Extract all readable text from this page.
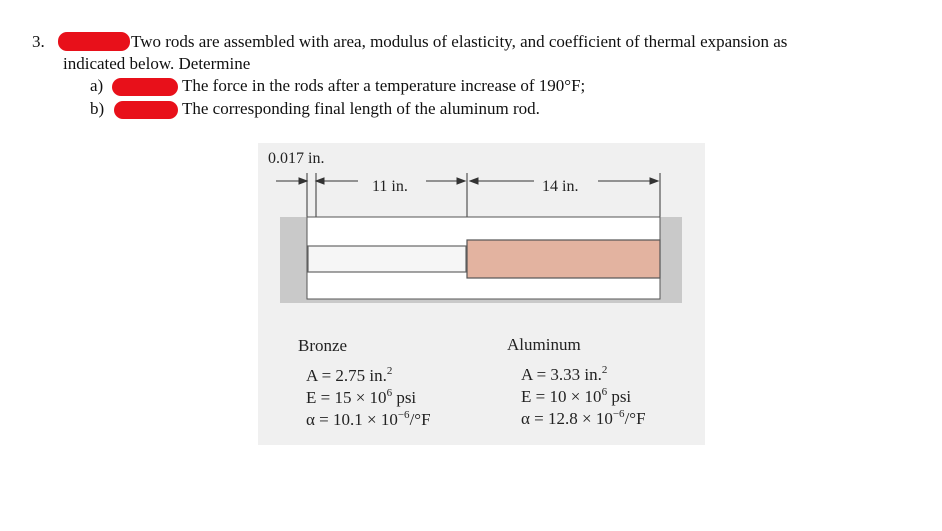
3.	Two rods are assembled with area, modulus of elasticity, and coefficient of thermal expansion as
indicated below. Determine
a)	The force in the rods after a temperature increase of 190°F;
b)	The corresponding final length of the aluminum rod.
0.017 in.
11 in.	14 in.
Bronze
A = 2.75 in.$^2$
$E = 15 \times 10^6$ psi
$\alpha = 10.1 \times 10^{-6}/^\circ F$
Aluminum
A = 3.33 in.$^2$
$E = 10 \times 10^6$ psi
$\alpha = 12.8 \times 10^{-6}/^\circ F$
